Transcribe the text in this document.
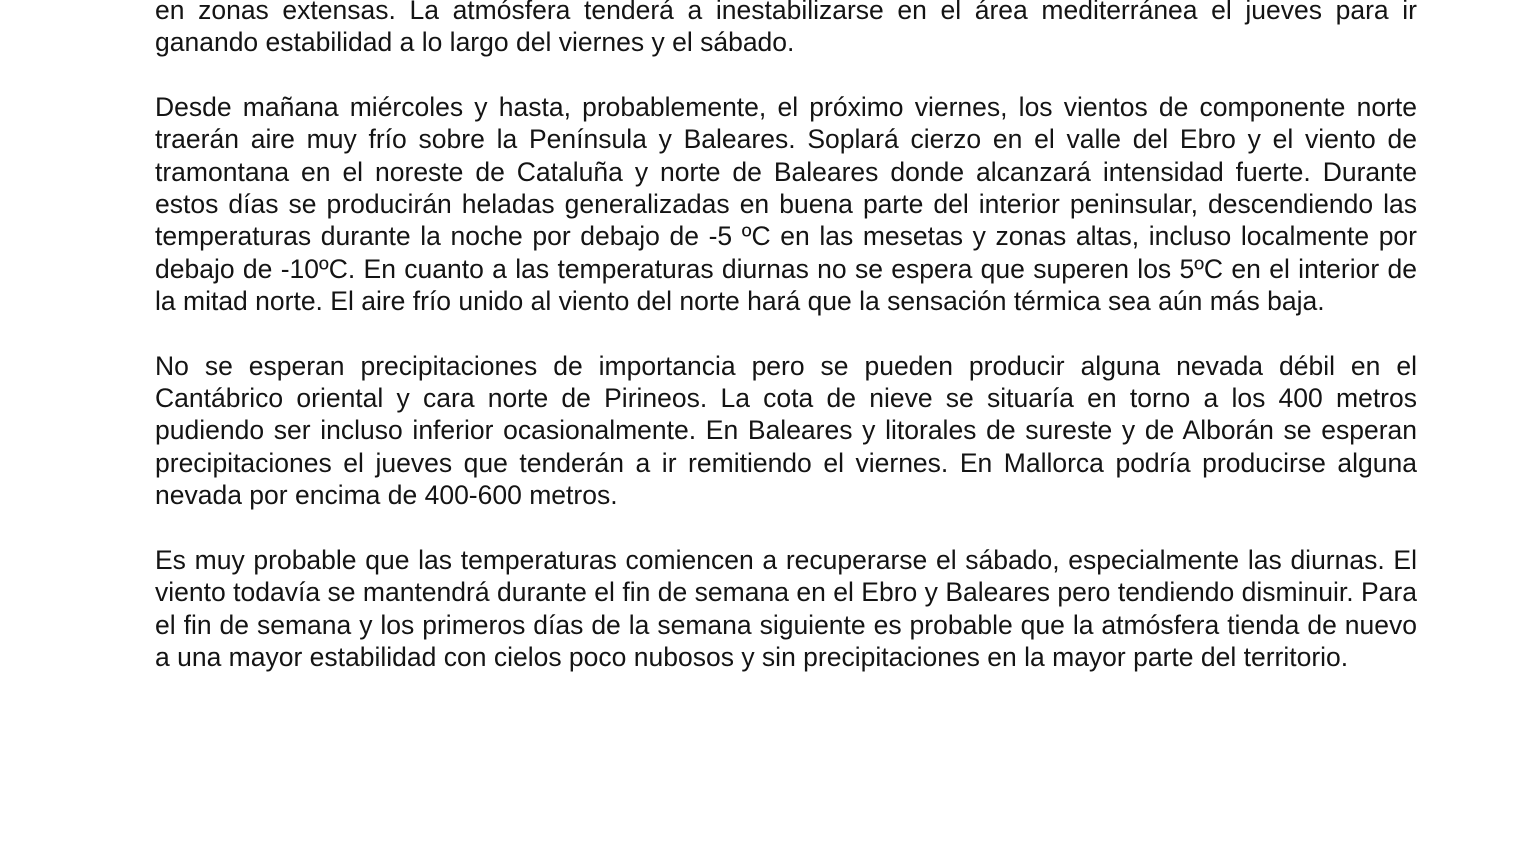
en zonas extensas. La atmósfera tenderá a inestabilizarse en el área mediterránea el jueves para ir ganando estabilidad a lo largo del viernes y el sábado.

Desde mañana miércoles y hasta, probablemente, el próximo viernes, los vientos de componente norte traerán aire muy frío sobre la Península y Baleares. Soplará cierzo en el valle del Ebro y el viento de tramontana en el noreste de Cataluña y norte de Baleares donde alcanzará intensidad fuerte. Durante estos días se producirán heladas generalizadas en buena parte del interior peninsular, descendiendo las temperaturas durante la noche por debajo de -5 ºC en las mesetas y zonas altas, incluso localmente por debajo de -10ºC. En cuanto a las temperaturas diurnas no se espera que superen los 5ºC en el interior de la mitad norte. El aire frío unido al viento del norte hará que la sensación térmica sea aún más baja.

No se esperan precipitaciones de importancia pero se pueden producir alguna nevada débil en el Cantábrico oriental y cara norte de Pirineos. La cota de nieve se situaría en torno a los 400 metros pudiendo ser incluso inferior ocasionalmente. En Baleares y litorales de sureste y de Alborán se esperan precipitaciones el jueves que tenderán a ir remitiendo el viernes. En Mallorca podría producirse alguna nevada por encima de 400-600 metros.

Es muy probable que las temperaturas comiencen a recuperarse el sábado, especialmente las diurnas. El viento todavía se mantendrá durante el fin de semana en el Ebro y Baleares pero tendiendo disminuir. Para el fin de semana y los primeros días de la semana siguiente es probable que la atmósfera tienda de nuevo a una mayor estabilidad con cielos poco nubosos y sin precipitaciones en la mayor parte del territorio.
